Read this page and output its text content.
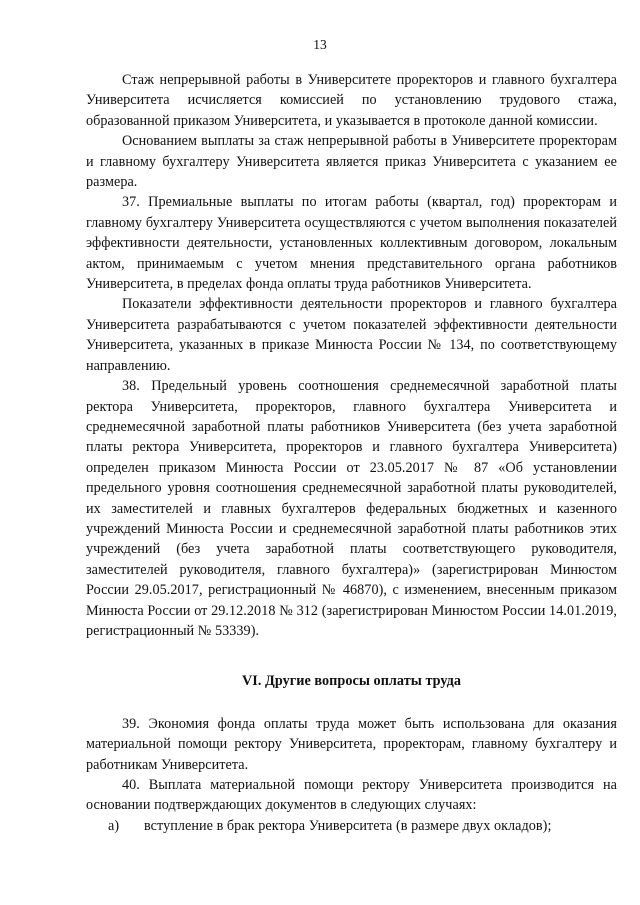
13

Стаж непрерывной работы в Университете проректоров и главного бухгалтера Университета исчисляется комиссией по установлению трудового стажа, образованной приказом Университета, и указывается в протоколе данной комиссии.

Основанием выплаты за стаж непрерывной работы в Университете проректорам и главному бухгалтеру Университета является приказ Университета с указанием ее размера.

37. Премиальные выплаты по итогам работы (квартал, год) проректорам и главному бухгалтеру Университета осуществляются с учетом выполнения показателей эффективности деятельности, установленных коллективным договором, локальным актом, принимаемым с учетом мнения представительного органа работников Университета, в пределах фонда оплаты труда работников Университета.

Показатели эффективности деятельности проректоров и главного бухгалтера Университета разрабатываются с учетом показателей эффективности деятельности Университета, указанных в приказе Минюста России № 134, по соответствующему направлению.

38. Предельный уровень соотношения среднемесячной заработной платы ректора Университета, проректоров, главного бухгалтера Университета и среднемесячной заработной платы работников Университета (без учета заработной платы ректора Университета, проректоров и главного бухгалтера Университета) определен приказом Минюста России от 23.05.2017 № 87 «Об установлении предельного уровня соотношения среднемесячной заработной платы руководителей, их заместителей и главных бухгалтеров федеральных бюджетных и казенного учреждений Минюста России и среднемесячной заработной платы работников этих учреждений (без учета заработной платы соответствующего руководителя, заместителей руководителя, главного бухгалтера)» (зарегистрирован Минюстом России 29.05.2017, регистрационный № 46870), с изменением, внесенным приказом Минюста России от 29.12.2018 № 312 (зарегистрирован Минюстом России 14.01.2019, регистрационный № 53339).

VI. Другие вопросы оплаты труда

39. Экономия фонда оплаты труда может быть использована для оказания материальной помощи ректору Университета, проректорам, главному бухгалтеру и работникам Университета.

40. Выплата материальной помощи ректору Университета производится на основании подтверждающих документов в следующих случаях:

а) вступление в брак ректора Университета (в размере двух окладов);
